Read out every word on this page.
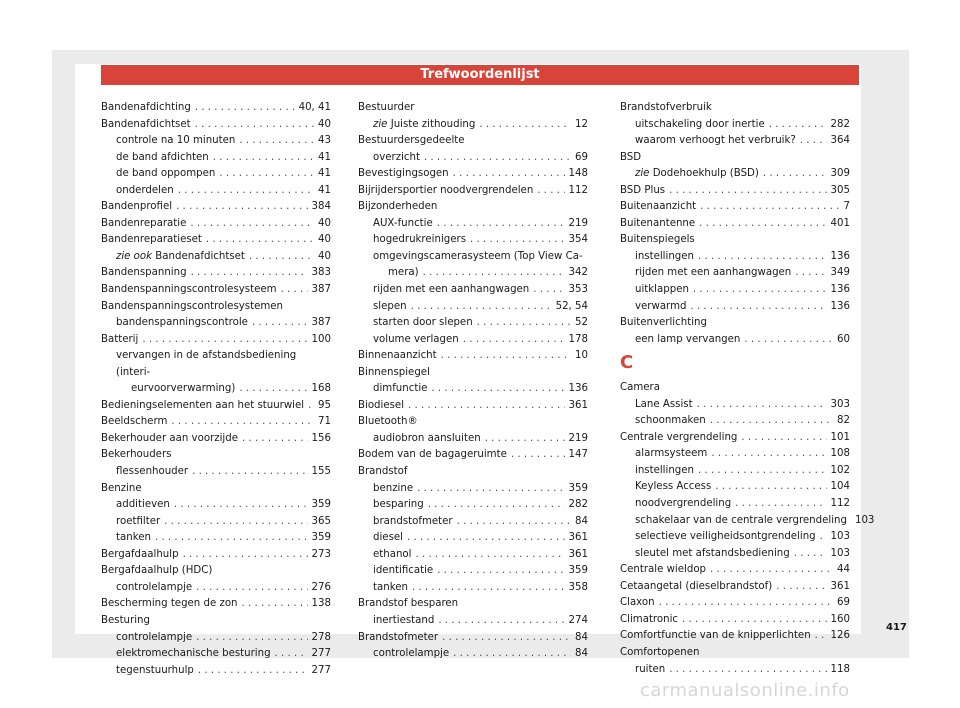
Trefwoordenlijst
Bandenafdichting . . .	40, 41
Bandenafdichtset . . .	40
controle na 10 minuten . . .	43
de band afdichten . . .	41
de band oppompen . . .	41
onderdelen . . .	41
Bandenprofiel . . .	384
Bandenreparatie . . .	40
Bandenreparatieset . . .	40
zie ook Bandenafdichtset . . .	40
Bandenspanning . . .	383
Bandenspanningscontrolesysteem . . .	387
Bandenspanningscontrolesystemen
bandenspanningscontrole . . .	387
Batterij . . .	100
vervangen in de afstandsbediening (interi-
eurvoorverwarming) . . .	168
Bedieningselementen aan het stuurwiel . . . 95
Beeldscherm . . .	71
Bekerhouder aan voorzijde . . .	156
Bekerhouders
flessenhouder . . .	155
Benzine
additieven . . .	359
roetfilter . . .	365
tanken . . .	359
Bergafdaalhulp . . .	273
Bergafdaalhulp (HDC)
controlelampje . . .	276
Bescherming tegen de zon . . .	138
Besturing
controlelampje . . .	278
elektromechanische besturing . . .	277
tegenstuurhulp . . .	277
Bestuurder
zie Juiste zithouding . . .	12
Bestuurdersgedeelte
overzicht . . .	69
Bevestigingsogen . . .	148
Bijrijdersportier noodvergrendelen . . .	112
Bijzonderheden
AUX-functie . . .	219
hogedrukreinigers . . .	354
omgevingscamerasysteem (Top View Ca-
mera) . . .	342
rijden met een aanhangwagen . . .	353
slepen . . .	52, 54
starten door slepen . . .	52
volume verlagen . . .	178
Binnenaanzicht . . .	10
Binnenspiegel
dimfunctie . . .	136
Biodiesel . . .	361
Bluetooth®
audiobron aansluiten . . .	219
Bodem van de bagageruimte . . .	147
Brandstof
benzine . . .	359
besparing . . .	282
brandstofmeter . . .	84
diesel . . .	361
ethanol . . .	361
identificatie . . .	359
tanken . . .	358
Brandstof besparen
inertiestand . . .	274
Brandstofmeter . . .	84
controlelampje . . .	84
Brandstofverbruik
uitschakeling door inertie . . .	282
waarom verhoogt het verbruik? . . .	364
BSD
zie Dodehoekhulp (BSD) . . .	309
BSD Plus . . .	305
Buitenaanzicht . . .	7
Buitenantenne . . .	401
Buitenspiegels
instellingen . . .	136
rijden met een aanhangwagen . . .	349
uitklappen . . .	136
verwarmd . . .	136
Buitenverlichting
een lamp vervangen . . .	60
C
Camera
Lane Assist . . .	303
schoonmaken . . .	82
Centrale vergrendeling . . .	101
alarmsysteem . . .	108
instellingen . . .	102
Keyless Access . . .	104
noodvergrendeling . . .	112
schakelaar van de centrale vergrendeling 103
selectieve veiligheidsontgrendeling . . . 103
sleutel met afstandsbediening . . .	103
Centrale wieldop . . .	44
Cetaangetal (dieselbrandstof) . . .	361
Claxon . . .	69
Climatronic . . .	160
Comfortfunctie van de knipperlichten . . . 126
Comfortopenen
ruiten . . .	118
417
carmanualsonline.info
